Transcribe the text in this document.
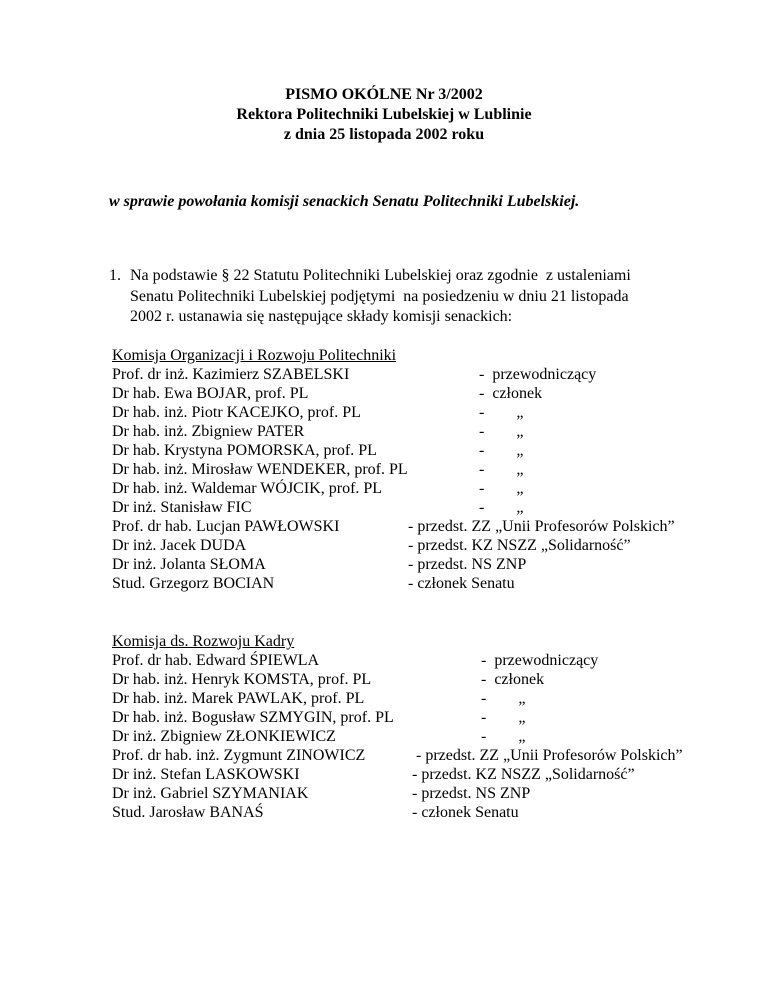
PISMO OKÓLNE Nr 3/2002
Rektora Politechniki Lubelskiej w Lublinie
z dnia 25 listopada 2002 roku
w sprawie powołania komisji senackich Senatu Politechniki Lubelskiej.
1. Na podstawie § 22 Statutu Politechniki Lubelskiej oraz zgodnie  z ustaleniami
Senatu Politechniki Lubelskiej podjętymi  na posiedzeniu w dniu 21 listopada
2002 r. ustanawia się następujące składy komisji senackich:
Komisja Organizacji i Rozwoju Politechniki
Prof. dr inż. Kazimierz SZABELSKI	-  przewodniczący
Dr hab. Ewa BOJAR, prof. PL	-  członek
Dr hab. inż. Piotr KACEJKO, prof. PL	-        „
Dr hab. inż. Zbigniew PATER	-        „
Dr hab. Krystyna POMORSKA, prof. PL	-        „
Dr hab. inż. Mirosław WENDEKER, prof. PL	-        „
Dr hab. inż. Waldemar WÓJCIK, prof. PL	-        „
Dr inż. Stanisław FIC	-        „
Prof. dr hab. Lucjan PAWŁOWSKI	- przedst. ZZ „Unii Profesorów Polskich”
Dr inż. Jacek DUDA	- przedst. KZ NSZZ „Solidarność”
Dr inż. Jolanta SŁOMA	- przedst. NS ZNP
Stud. Grzegorz BOCIAN	- członek Senatu
Komisja ds. Rozwoju Kadry
Prof. dr hab. Edward ŚPIEWLA	-  przewodniczący
Dr hab. inż. Henryk KOMSTA, prof. PL	-  członek
Dr hab. inż. Marek PAWLAK, prof. PL	-        „
Dr hab. inż. Bogusław SZMYGIN, prof. PL	-        „
Dr inż. Zbigniew ZŁONKIEWICZ	-        „
Prof. dr hab. inż. Zygmunt ZINOWICZ	- przedst. ZZ „Unii Profesorów Polskich”
Dr inż. Stefan LASKOWSKI	- przedst. KZ NSZZ „Solidarność”
Dr inż. Gabriel SZYMANIAK	- przedst. NS ZNP
Stud. Jarosław BANAŚ	- członek Senatu
